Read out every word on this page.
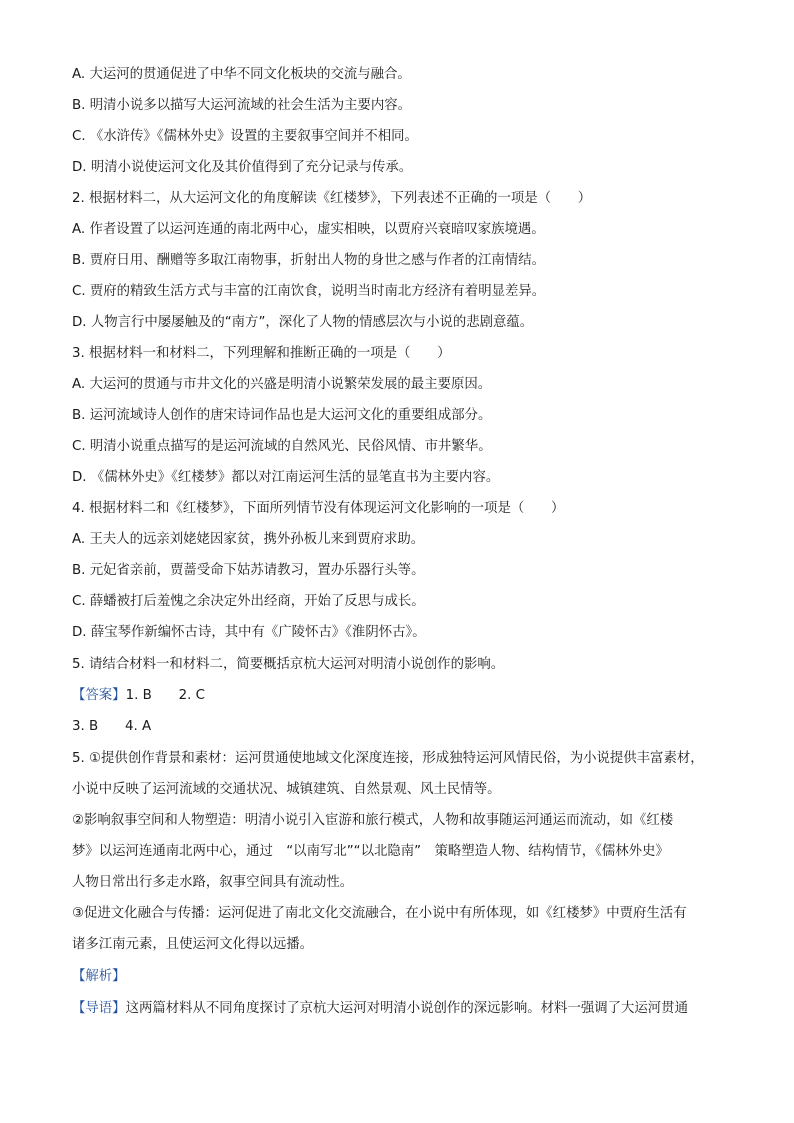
A. 大运河的贯通促进了中华不同文化板块的交流与融合。
B. 明清小说多以描写大运河流域的社会生活为主要内容。
C. 《水浒传》《儒林外史》设置的主要叙事空间并不相同。
D. 明清小说使运河文化及其价值得到了充分记录与传承。
2. 根据材料二，从大运河文化的角度解读《红楼梦》，下列表述不正确的一项是（　　）
A. 作者设置了以运河连通的南北两中心，虚实相映，以贾府兴衰暗叹家族境遇。
B. 贾府日用、酬赠等多取江南物事，折射出人物的身世之感与作者的江南情结。
C. 贾府的精致生活方式与丰富的江南饮食，说明当时南北方经济有着明显差异。
D. 人物言行中屡屡触及的“南方”，深化了人物的情感层次与小说的悲剧意蕴。
3. 根据材料一和材料二，下列理解和推断正确的一项是（　　）
A. 大运河的贯通与市井文化的兴盛是明清小说繁荣发展的最主要原因。
B. 运河流域诗人创作的唐宋诗词作品也是大运河文化的重要组成部分。
C. 明清小说重点描写的是运河流域的自然风光、民俗风情、市井繁华。
D. 《儒林外史》《红楼梦》都以对江南运河生活的显笔直书为主要内容。
4. 根据材料二和《红楼梦》，下面所列情节没有体现运河文化影响的一项是（　　）
A. 王夫人的远亲刘姥姥因家贫，携外孙板儿来到贾府求助。
B. 元妃省亲前，贾蔷受命下姑苏请教习，置办乐器行头等。
C. 薛蟠被打后羞愧之余决定外出经商，开始了反思与成长。
D. 薛宝琴作新编怀古诗，其中有《广陵怀古》《淮阴怀古》。
5. 请结合材料一和材料二，简要概括京杭大运河对明清小说创作的影响。
【答案】1. B　　2. C
3. B　　4. A
5. ①提供创作背景和素材：运河贯通使地域文化深度连接，形成独特运河风情民俗，为小说提供丰富素材，
小说中反映了运河流域的交通状况、城镇建筑、自然景观、风土民情等。
②影响叙事空间和人物塑造：明清小说引入宦游和旅行模式，人物和故事随运河通运而流动，如《红楼
梦》以运河连通南北两中心，通过　“以南写北”“以北隐南”　策略塑造人物、结构情节，《儒林外史》
人物日常出行多走水路，叙事空间具有流动性。
③促进文化融合与传播：运河促进了南北文化交流融合，在小说中有所体现，如《红楼梦》中贾府生活有
诸多江南元素，且使运河文化得以远播。
【解析】
【导语】这两篇材料从不同角度探讨了京杭大运河对明清小说创作的深远影响。材料一强调了大运河贯通
